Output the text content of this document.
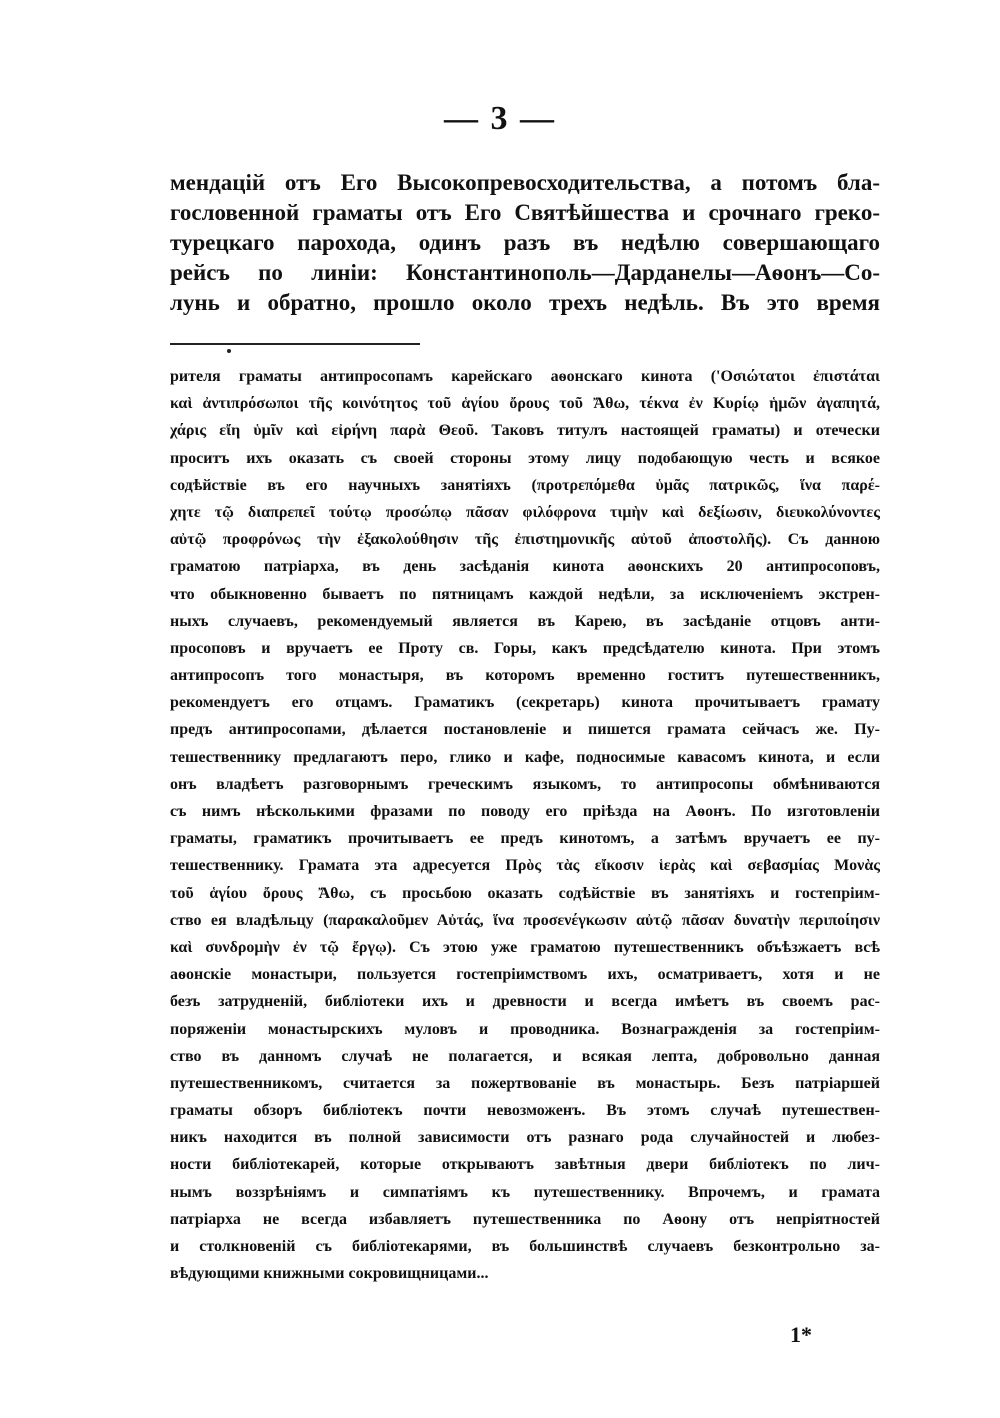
— 3 —
мендацій отъ Его Высокопревосходительства, а потомъ бла-
гословенной граматы отъ Его Святѣйшества и срочнаго греко-
турецкаго парохода, одинъ разъ въ недѣлю совершающаго
рейсъ по линіи: Константинополь—Дарданелы—Аѳонъ—Со-
лунь и обратно, прошло около трехъ недѣль. Въ это время
рителя граматы антипросопамъ карейскаго аѳонскаго кинота ('Οσιώτατοι ἐπιστάται
καὶ ἀντιπρόσωποι τῆς κοινότητος τοῦ ἁγίου ὄρους τοῦ Ἄθω, τέκνα ἐν Κυρίῳ ἡμῶν ἀγαπητά,
χάρις εἴη ὑμῖν καὶ εἰρήνη παρὰ Θεοῦ. Таковъ титулъ настоящей граматы) и отечески
проситъ ихъ оказать съ своей стороны этому лицу подобающую честь и всякое
содѣйствіе въ его научныхъ занятіяхъ (προτρεπόμεθα ὑμᾶς πατρικῶς, ἵνα παρέ-
χητε τῷ διαπρεπεῖ τούτῳ προσώπῳ πᾶσαν φιλόφρονα τιμὴν καὶ δεξίωσιν, διευκολύνοντες
αὐτῷ προφρόνως τὴν ἐξακολούθησιν τῆς ἐπιστημονικῆς αὐτοῦ ἀποστολῆς). Съ данною
граматою патріарха, въ день засѣданія кинота аѳонскихъ 20 антипросоповъ,
что обыкновенно бываетъ по пятницамъ каждой недѣли, за исключеніемъ экстрен-
ныхъ случаевъ, рекомендуемый является въ Карею, въ засѣданіе отцовъ анти-
просоповъ и вручаетъ ее Проту св. Горы, какъ предсѣдателю кинота. При этомъ
антипросопъ того монастыря, въ которомъ временно гоститъ путешественникъ,
рекомендуетъ его отцамъ. Граматикъ (секретарь) кинота прочитываетъ грамату
предъ антипросопами, дѣлается постановленіе и пишется грамата сейчасъ же. Пу-
тешественнику предлагаютъ перо, глико и кафе, подносимые кавасомъ кинота, и если
онъ владѣетъ разговорнымъ греческимъ языкомъ, то антипросопы обмѣниваются
съ нимъ нѣсколькими фразами по поводу его пріѣзда на Аѳонъ. По изготовленіи
граматы, граматикъ прочитываетъ ее предъ кинотомъ, а затѣмъ вручаетъ ее пу-
тешественнику. Грамата эта адресуется Πρὸς τὰς εἴκοσιν ἱερὰς καὶ σεβασμίας Μονὰς
τοῦ ἁγίου ὄρους Ἄθω, съ просьбою оказать содѣйствіе въ занятіяхъ и гостепріим-
ство ея владѣльцу (παρακαλοῦμεν Αὐτάς, ἵνα προσενέγκωσιν αὐτῷ πᾶσαν δυνατὴν περιποίησιν
καὶ συνδρομὴν ἐν τῷ ἔργῳ). Съ этою уже граматою путешественникъ объѣзжаетъ всѣ
аѳонскіе монастыри, пользуется гостепріимствомъ ихъ, осматриваетъ, хотя и не
безъ затрудненій, библіотеки ихъ и древности и всегда имѣетъ въ своемъ рас-
поряженіи монастырскихъ муловъ и проводника. Вознагражденія за гостепріим-
ство въ данномъ случаѣ не полагается, и всякая лепта, добровольно данная
путешественникомъ, считается за пожертвованіе въ монастырь. Безъ патріаршей
граматы обзоръ библіотекъ почти невозможенъ. Въ этомъ случаѣ путешествен-
никъ находится въ полной зависимости отъ разнаго рода случайностей и любез-
ности библіотекарей, которые открываютъ завѣтныя двери библіотекъ по лич-
нымъ воззрѣніямъ и симпатіямъ къ путешественнику. Впрочемъ, и грамата
патріарха не всегда избавляетъ путешественника по Аѳону отъ непріятностей
и столкновеній съ библіотекарями, въ большинствѣ случаевъ безконтрольно за-
вѣдующими книжными сокровищницами...
1*
